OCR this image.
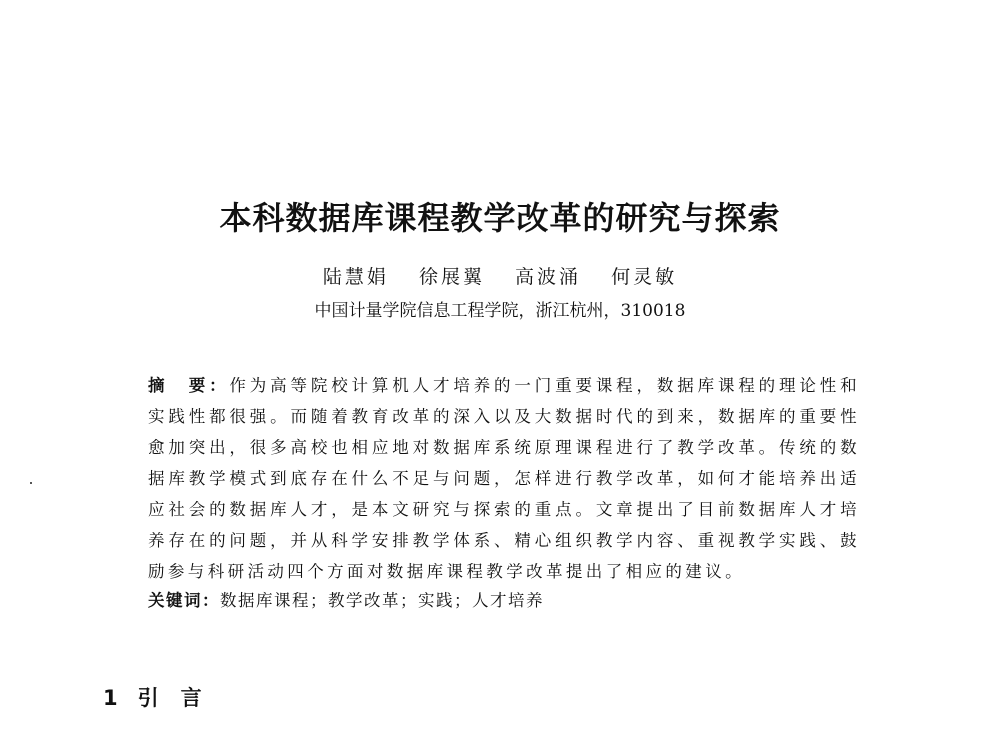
本科数据库课程教学改革的研究与探索
陆慧娟 徐展翼 高波涌 何灵敏
中国计量学院信息工程学院，浙江杭州，310018
摘　要：作为高等院校计算机人才培养的一门重要课程，数据库课程的理论性和实践性都很强。而随着教育改革的深入以及大数据时代的到来，数据库的重要性愈加突出，很多高校也相应地对数据库系统原理课程进行了教学改革。传统的数据库教学模式到底存在什么不足与问题，怎样进行教学改革，如何才能培养出适应社会的数据库人才，是本文研究与探索的重点。文章提出了目前数据库人才培养存在的问题，并从科学安排教学体系、精心组织教学内容、重视教学实践、鼓励参与科研活动四个方面对数据库课程教学改革提出了相应的建议。
关键词：数据库课程；教学改革；实践；人才培养
1 引言
